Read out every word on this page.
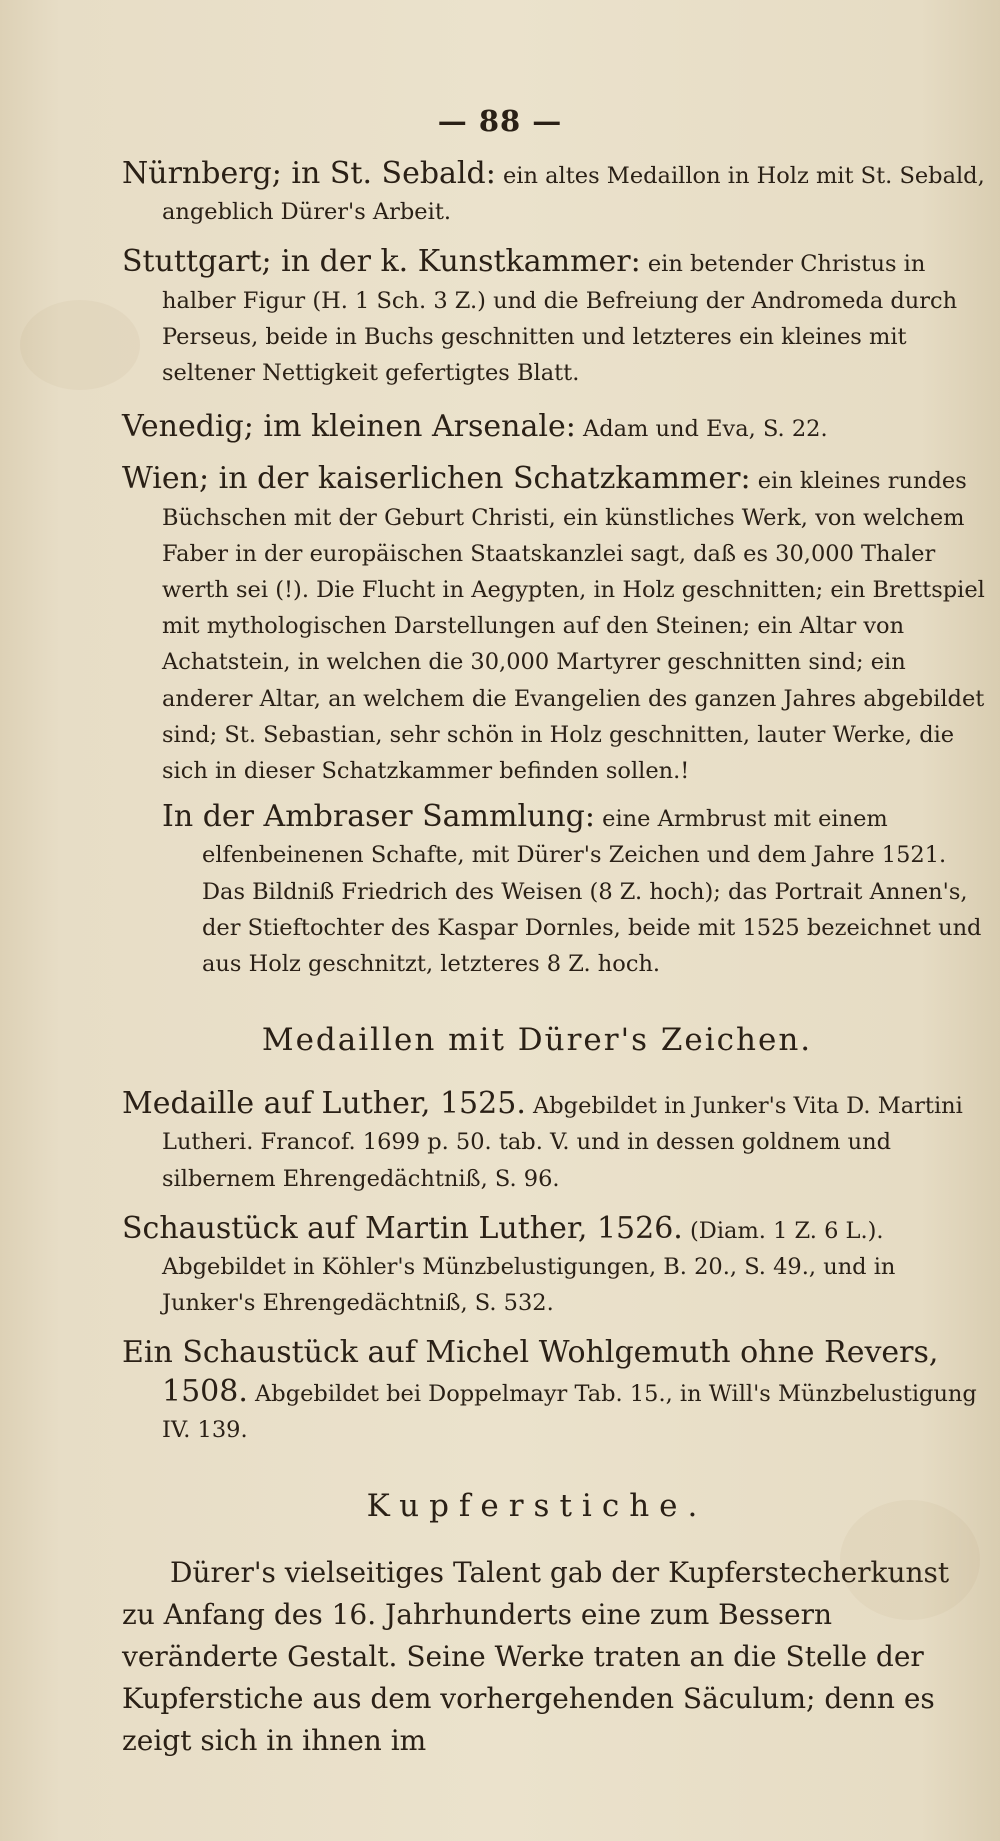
— 88 —

Nürnberg; in St. Sebald: ein altes Medaillon in Holz mit St. Sebald, angeblich Dürer's Arbeit.

Stuttgart; in der k. Kunstkammer: ein betender Christus in halber Figur (H. 1 Sch. 3 Z.) und die Befreiung der Andromeda durch Perseus, beide in Buchs geschnitten und letzteres ein kleines mit seltener Nettigkeit gefertigtes Blatt.

Venedig; im kleinen Arsenale: Adam und Eva, S. 22.

Wien; in der kaiserlichen Schatzkammer: ein kleines rundes Büchschen mit der Geburt Christi, ein künstliches Werk, von welchem Faber in der europäischen Staatskanzlei sagt, daß es 30,000 Thaler werth sei (!). Die Flucht in Aegypten, in Holz geschnitten; ein Brettspiel mit mythologischen Darstellungen auf den Steinen; ein Altar von Achatstein, in welchen die 30,000 Martyrer geschnitten sind; ein anderer Altar, an welchem die Evangelien des ganzen Jahres abgebildet sind; St. Sebastian, sehr schön in Holz geschnitten, lauter Werke, die sich in dieser Schatzkammer befinden sollen.!

In der Ambraser Sammlung: eine Armbrust mit einem elfenbeinenen Schafte, mit Dürer's Zeichen und dem Jahre 1521. Das Bildniß Friedrich des Weisen (8 Z. hoch); das Portrait Annen's, der Stieftochter des Kaspar Dornles, beide mit 1525 bezeichnet und aus Holz geschnitzt, letzteres 8 Z. hoch.

Medaillen mit Dürer's Zeichen.

Medaille auf Luther, 1525. Abgebildet in Junker's Vita D. Martini Lutheri. Francof. 1699 p. 50. tab. V. und in dessen goldnem und silbernem Ehrengedächtniß, S. 96.

Schaustück auf Martin Luther, 1526. (Diam. 1 Z. 6 L.). Abgebildet in Köhler's Münzbelustigungen, B. 20., S. 49., und in Junker's Ehrengedächtniß, S. 532.

Ein Schaustück auf Michel Wohlgemuth ohne Revers, 1508. Abgebildet bei Doppelmayr Tab. 15., in Will's Münzbelustigung IV. 139.

Kupferstiche.

Dürer's vielseitiges Talent gab der Kupferstecherkunst zu Anfang des 16. Jahrhunderts eine zum Bessern veränderte Gestalt. Seine Werke traten an die Stelle der Kupferstiche aus dem vorhergehenden Säculum; denn es zeigt sich in ihnen im
